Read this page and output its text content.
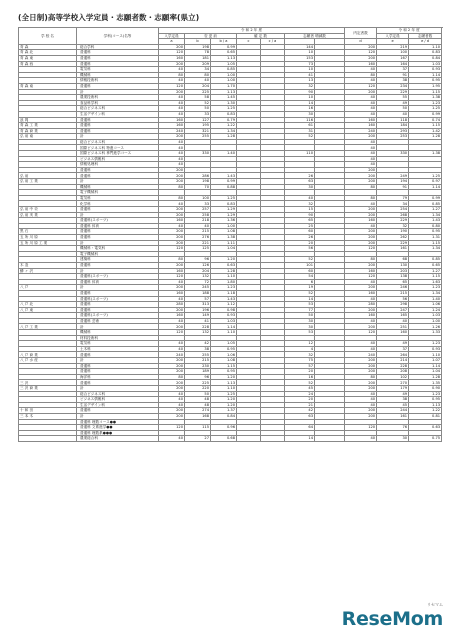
(全日制)高等学校入学定員・志願者数・志願率(県立)
学 校 名	学科(コース)名等	令 和 2 年 度							内定者数	令 和 2 年 度		
		入学定員	変 更 前		確 定 数		志願者 増減数			入学定員	志願者数	
		a	b	b / a	c	c / a			d	e	e / d	
青 森	総合学科	200	198	0.99			144		200	219	1.10	
青 森 北	普通科	120	78	0.65			10		120	100	0.83	
青 森 東	普通科	160	181	1.13			153		200	167	0.84	
青 森 西	普通科	200	209	1.05			73		160	164	1.03	
	電気科	40	34	0.85			10		40	37	0.93	
	機械科	80	80	1.00			41		80	91	1.14	
	情報技術科	40	40	1.00			13		40	38	0.95	
青 森 南	普通科	120	204	1.70			32		120	234	1.95	
	計	200	225	1.13			90		200	229	1.15	
	農業技術科	40	58	1.45			10		40	55	1.38	
	食品科学科	40	52	1.30			14		40	49	1.23	
	総合ビジネス科	40	50	1.25			16		40	50	1.25	
	生活デザイン科	40	33	0.83			30		40	40	0.99	
浪 岡	普通科	160	127	0.79			116		160	118	0.74	
青 森 工 業	普通科	160	195	1.22			61		160	184	1.15	
青 森 商 業	普通科	240	321	1.34			31		240	293	1.42	
弘 前 南	計	200	255	1.28			52		200	253	1.28	
	総合ビジネス科	40							40			
	国際ビジネス科 特進コース	40							40			
	国際ビジネス科 専門進学コース	40	330	1.40			110		40	330	1.38	
	ビジネス情報科	40							40			
	情報処理科	40							40			
	普通科	200							200			
弘 前	普通科	200	286	1.43			26		200	249	1.25	
弘 前 工 業	計	200	198	0.99			63		200	194	0.97	
	機械科	80	70	0.88			30		80	91	1.14	
	電子機械科											
	電気科	80	100	1.25			40		80	79	0.99	
	化学科	40	33	0.83			32		40	34	0.85	
弘 前 中 央	普通科	200	257	1.29			15		200	254	1.27	
弘 前 実 業	計	200	258	1.29			90		200	268	1.34	
	普通科(スポーツ)	160	218	1.36			65		160	229	1.43	
	普通科 体育	40	40	1.00			25		40	32	0.80	
黒 石	普通科	200	215	1.08			60		200	190	0.95	
五 所 川 原	普通科	200	276	1.38			26		200	262	1.31	
五 所 川 原 工 業	計	200	221	1.11			20		200	229	1.15	
	機械科・電気科	120	125	1.04			56		120	161	1.34	
	電子機械科											
	建築科	80	96	1.20			52		80	68	0.85	
木 造	普通科	200	126	0.63			101		200	130	0.65	
鯵 ヶ 沢	計	160	204	1.28			60		160	203	1.27	
	普通科(スポーツ)	120	132	1.10			54		120	138	1.15	
	普通科 体育	40	72	1.80			6		40	65	1.63	
八 戸	計	200	245	1.23			19		200	246	1.23	
	普通科	160	188	1.18			52		160	215	1.34	
	普通科(スポーツ)	40	57	1.43			14		40	56	1.40	
八 戸 北	普通科	280	313	1.12			53		280	298	1.06	
八 戸 東	普通科	200	196	0.98			77		200	247	1.24	
	普通科(スポーツ)	160	149	0.93			50		160	165	1.03	
	普通科 芸術	40	41	1.03			30		40	40	1.00	
八 戸 工 業	計	200	228	1.14			30		200	251	1.26	
	機械科	120	132	1.10			53		120	160	1.33	
	材料技術科											
	電気科	40	42	1.05			12		40	49	1.23	
	土木科	40	38	0.95			4		40	37	0.93	
八 戸 商 業	普通科	240	255	1.06			32		240	264	1.10	
八 戸 水 産	計	200	215	1.08			75		200	214	1.07	
	普通科	200	230	1.15			57		200	228	1.14	
	普通科	200	189	0.95			20		200	208	1.04	
	海洋科	80	96	1.20			16		80	102	1.28	
三 沢	普通科	200	225	1.13			52		200	270	1.35	
三 沢 商 業	計	200	220	1.10			45		200	179	0.90	
	総合ビジネス科	40	50	1.25			24		40	49	1.23	
	ビジネス情報科	40	48	1.20			20		40	38	0.95	
	生活デザイン科	40	48	1.20			21		40	45	1.13	
十 和 田	普通科	200	274	1.37			42		200	244	1.22	
三 本 木	計	200	168	0.84			63		200	161	0.81	
	普通科 理数コース●●											
	普通科 文系進学●●	120	115	0.96			64		120	76	0.63	
	普通科 理数系●●●											
	農業総合科	40	27	0.68			14		40	30	0.75	
リセマム
ReseMom
